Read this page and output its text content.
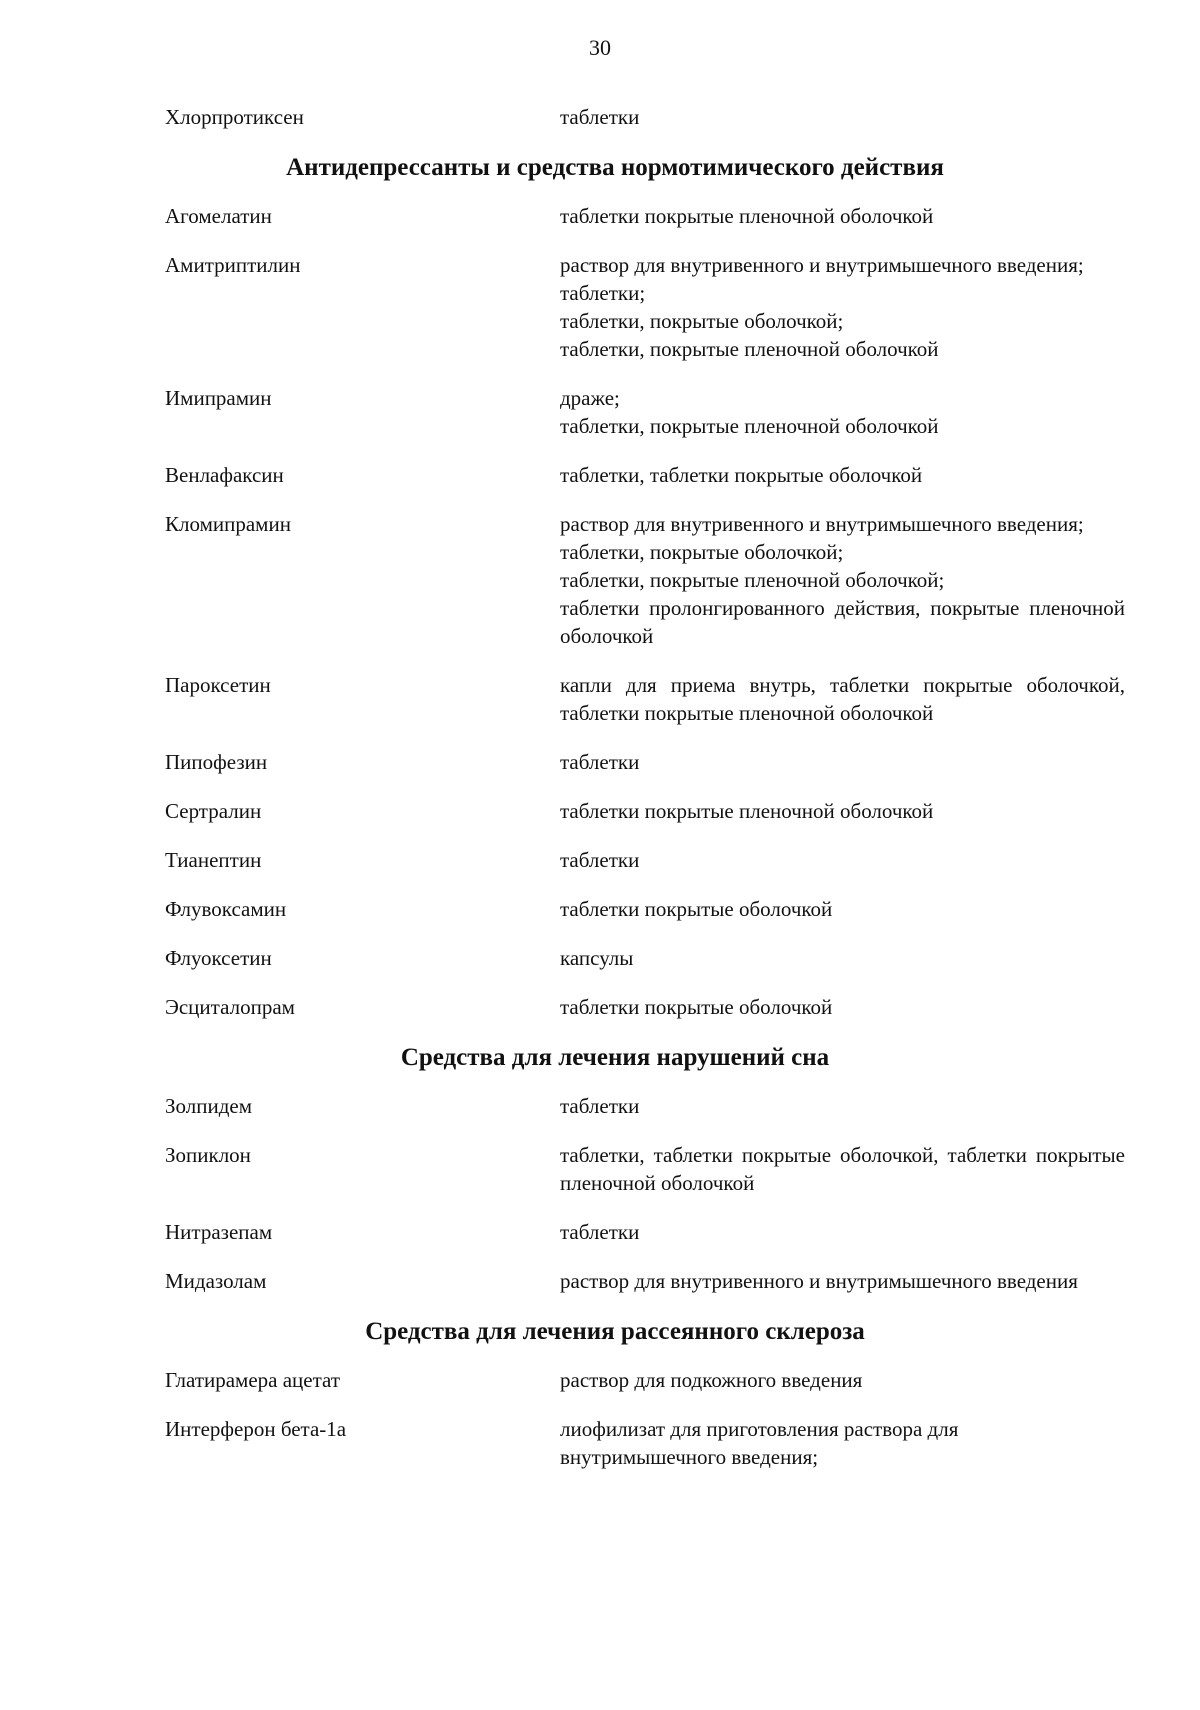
30
Хлорпротиксен	таблетки
Антидепрессанты и средства нормотимического действия
Агомелатин	таблетки покрытые пленочной оболочкой
Амитриптилин	раствор для внутривенного и внутримышечного введения;
таблетки;
таблетки, покрытые оболочкой;
таблетки, покрытые пленочной оболочкой
Имипрамин	драже;
таблетки, покрытые пленочной оболочкой
Венлафаксин	таблетки, таблетки покрытые оболочкой
Кломипрамин	раствор для внутривенного и внутримышечного введения;
таблетки, покрытые оболочкой;
таблетки, покрытые пленочной оболочкой;
таблетки пролонгированного действия, покрытые пленочной оболочкой
Пароксетин	капли для приема внутрь, таблетки покрытые оболочкой, таблетки покрытые пленочной оболочкой
Пипофезин	таблетки
Сертралин	таблетки покрытые пленочной оболочкой
Тианептин	таблетки
Флувоксамин	таблетки покрытые оболочкой
Флуоксетин	капсулы
Эсциталопрам	таблетки покрытые оболочкой
Средства для лечения нарушений сна
Золпидем	таблетки
Зопиклон	таблетки, таблетки покрытые оболочкой, таблетки покрытые пленочной оболочкой
Нитразепам	таблетки
Мидазолам	раствор для внутривенного и внутримышечного введения
Средства для лечения рассеянного склероза
Глатирамера ацетат	раствор для подкожного введения
Интерферон бета-1а	лиофилизат для приготовления раствора для внутримышечного введения;
